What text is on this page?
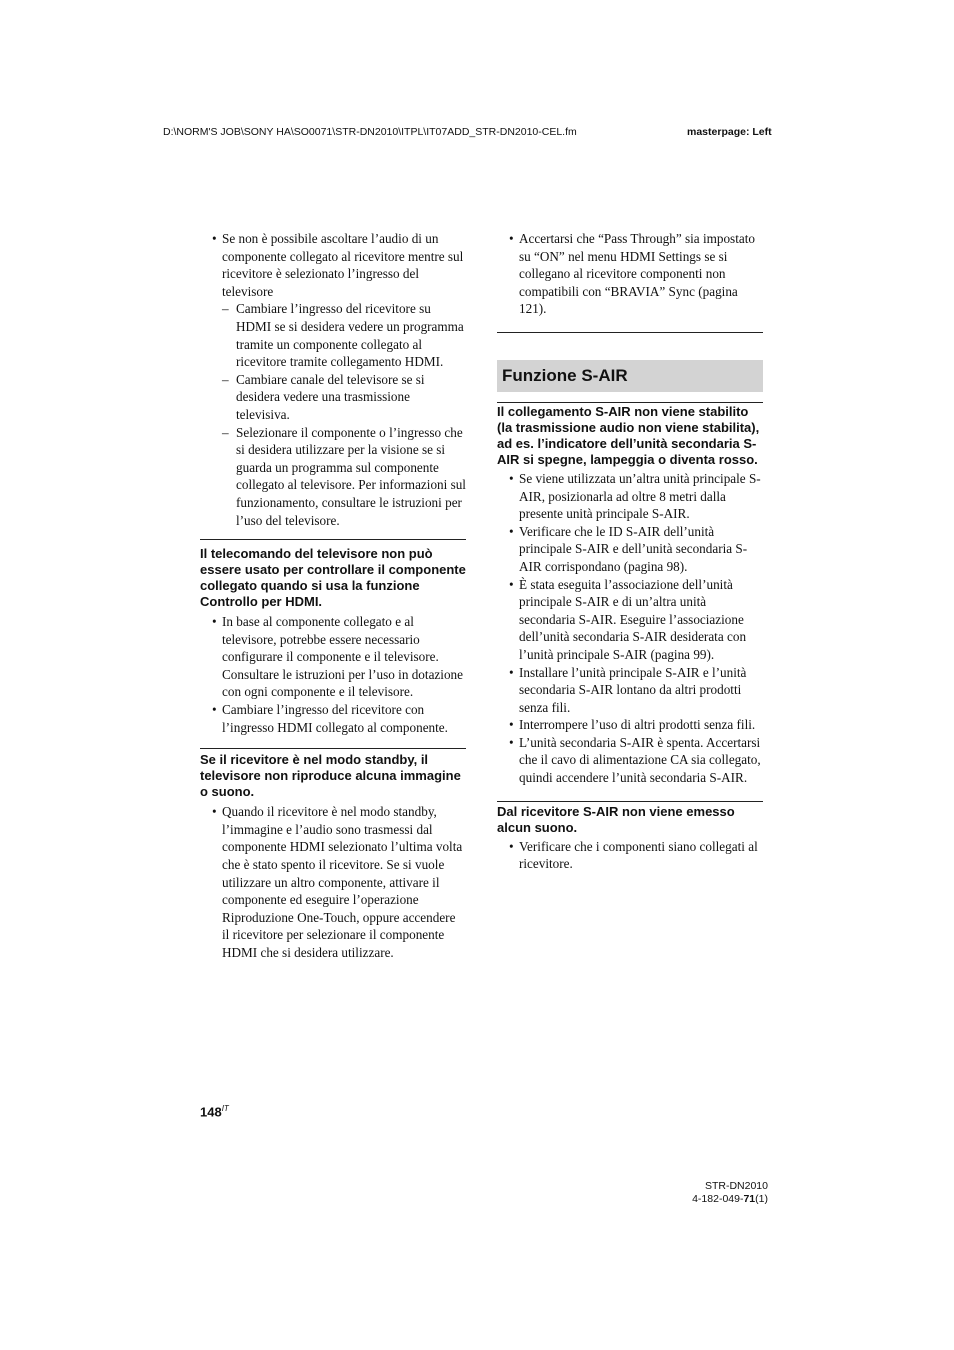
D:\NORM'S JOB\SONY HA\SO0071\STR-DN2010\ITPL\IT07ADD_STR-DN2010-CEL.fm	masterpage: Left
• Se non è possibile ascoltare l’audio di un componente collegato al ricevitore mentre sul ricevitore è selezionato l’ingresso del televisore
– Cambiare l’ingresso del ricevitore su HDMI se si desidera vedere un programma tramite un componente collegato al ricevitore tramite collegamento HDMI.
– Cambiare canale del televisore se si desidera vedere una trasmissione televisiva.
– Selezionare il componente o l’ingresso che si desidera utilizzare per la visione se si guarda un programma sul componente collegato al televisore. Per informazioni sul funzionamento, consultare le istruzioni per l’uso del televisore.
Il telecomando del televisore non può essere usato per controllare il componente collegato quando si usa la funzione Controllo per HDMI.
• In base al componente collegato e al televisore, potrebbe essere necessario configurare il componente e il televisore. Consultare le istruzioni per l’uso in dotazione con ogni componente e il televisore.
• Cambiare l’ingresso del ricevitore con l’ingresso HDMI collegato al componente.
Se il ricevitore è nel modo standby, il televisore non riproduce alcuna immagine o suono.
• Quando il ricevitore è nel modo standby, l’immagine e l’audio sono trasmessi dal componente HDMI selezionato l’ultima volta che è stato spento il ricevitore. Se si vuole utilizzare un altro componente, attivare il componente ed eseguire l’operazione Riproduzione One-Touch, oppure accendere il ricevitore per selezionare il componente HDMI che si desidera utilizzare.
• Accertarsi che “Pass Through” sia impostato su “ON” nel menu HDMI Settings se si collegano al ricevitore componenti non compatibili con “BRAVIA” Sync (pagina 121).
Funzione S-AIR
Il collegamento S-AIR non viene stabilito (la trasmissione audio non viene stabilita), ad es. l’indicatore dell’unità secondaria S-AIR si spegne, lampeggia o diventa rosso.
• Se viene utilizzata un’altra unità principale S-AIR, posizionarla ad oltre 8 metri dalla presente unità principale S-AIR.
• Verificare che le ID S-AIR dell’unità principale S-AIR e dell’unità secondaria S-AIR corrispondano (pagina 98).
• È stata eseguita l’associazione dell’unità principale S-AIR e di un’altra unità secondaria S-AIR. Eseguire l’associazione dell’unità secondaria S-AIR desiderata con l’unità principale S-AIR (pagina 99).
• Installare l’unità principale S-AIR e l’unità secondaria S-AIR lontano da altri prodotti senza fili.
• Interrompere l’uso di altri prodotti senza fili.
• L’unità secondaria S-AIR è spenta. Accertarsi che il cavo di alimentazione CA sia collegato, quindi accendere l’unità secondaria S-AIR.
Dal ricevitore S-AIR non viene emesso alcun suono.
• Verificare che i componenti siano collegati al ricevitore.
$148^{IT}$
STR-DN2010
4-182-049-71(1)
